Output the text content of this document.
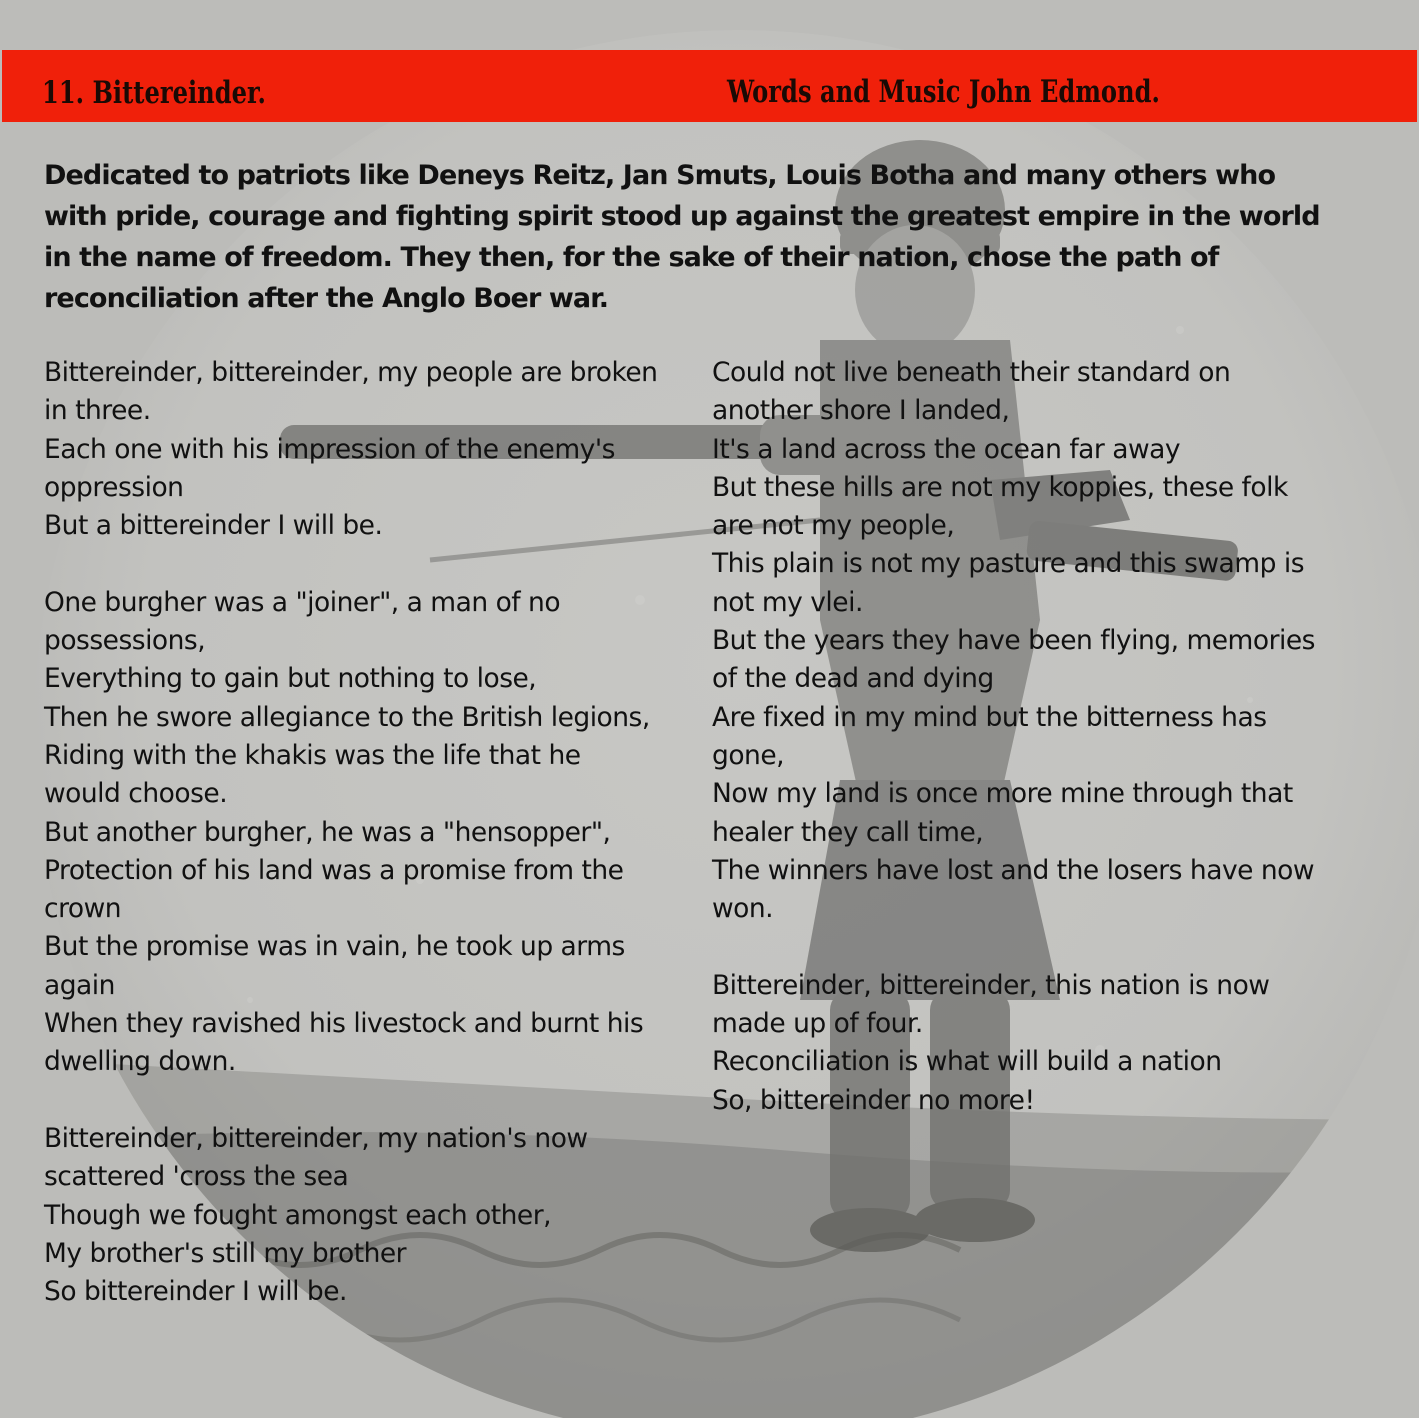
11. Bittereinder.	Words and Music John Edmond.
Dedicated to patriots like Deneys Reitz, Jan Smuts, Louis Botha and many others who
with pride, courage and fighting spirit stood up against the greatest empire in the world
in the name of freedom. They then, for the sake of their nation, chose the path of
reconciliation after the Anglo Boer war.
Bittereinder, bittereinder, my people are broken
in three.
Each one with his impression of the enemy's
oppression
But a bittereinder I will be.
One burgher was a "joiner", a man of no
possessions,
Everything to gain but nothing to lose,
Then he swore allegiance to the British legions,
Riding with the khakis was the life that he
would choose.
But another burgher, he was a "hensopper",
Protection of his land was a promise from the
crown
But the promise was in vain, he took up arms
again
When they ravished his livestock and burnt his
dwelling down.
Bittereinder, bittereinder, my nation's now
scattered 'cross the sea
Though we fought amongst each other,
My brother's still my brother
So bittereinder I will be.
Could not live beneath their standard on
another shore I landed,
It's a land across the ocean far away
But these hills are not my koppies, these folk
are not my people,
This plain is not my pasture and this swamp is
not my vlei.
But the years they have been flying, memories
of the dead and dying
Are fixed in my mind but the bitterness has
gone,
Now my land is once more mine through that
healer they call time,
The winners have lost and the losers have now
won.
Bittereinder, bittereinder, this nation is now
made up of four.
Reconciliation is what will build a nation
So, bittereinder no more!
